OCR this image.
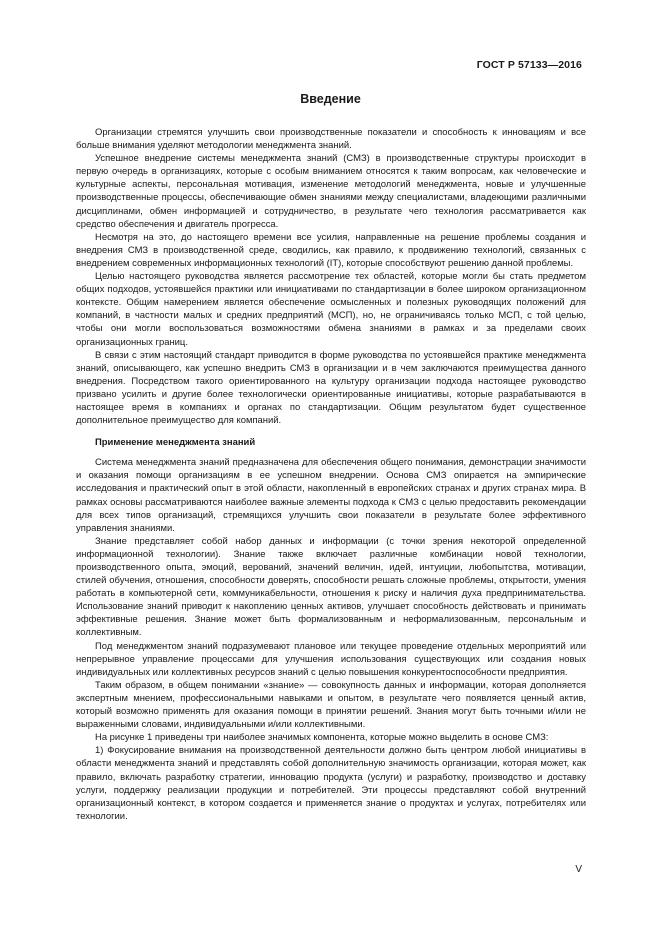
ГОСТ Р 57133—2016
Введение

Организации стремятся улучшить свои производственные показатели и способность к инновациям и все больше внимания уделяют методологии менеджмента знаний.

Успешное внедрение системы менеджмента знаний (СМЗ) в производственные структуры происходит в первую очередь в организациях, которые с особым вниманием относятся к таким вопросам, как человеческие и культурные аспекты, персональная мотивация, изменение методологий менеджмента, новые и улучшенные производственные процессы, обеспечивающие обмен знаниями между специалистами, владеющими различными дисциплинами, обмен информацией и сотрудничество, в результате чего технология рассматривается как средство обеспечения и двигатель прогресса.

Несмотря на это, до настоящего времени все усилия, направленные на решение проблемы создания и внедрения СМЗ в производственной среде, сводились, как правило, к продвижению технологий, связанных с внедрением современных информационных технологий (IT), которые способствуют решению данной проблемы.

Целью настоящего руководства является рассмотрение тех областей, которые могли бы стать предметом общих подходов, устоявшейся практики или инициативами по стандартизации в более широком организационном контексте. Общим намерением является обеспечение осмысленных и полезных руководящих положений для компаний, в частности малых и средних предприятий (МСП), но, не ограничиваясь только МСП, с той целью, чтобы они могли воспользоваться возможностями обмена знаниями в рамках и за пределами своих организационных границ.

В связи с этим настоящий стандарт приводится в форме руководства по устоявшейся практике менеджмента знаний, описывающего, как успешно внедрить СМЗ в организации и в чем заключаются преимущества данного внедрения. Посредством такого ориентированного на культуру организации подхода настоящее руководство призвано усилить и другие более технологически ориентированные инициативы, которые разрабатываются в настоящее время в компаниях и органах по стандартизации. Общим результатом будет существенное дополнительное преимущество для компаний.

Применение менеджмента знаний

Система менеджмента знаний предназначена для обеспечения общего понимания, демонстрации значимости и оказания помощи организациям в ее успешном внедрении. Основа СМЗ опирается на эмпирические исследования и практический опыт в этой области, накопленный в европейских странах и других странах мира. В рамках основы рассматриваются наиболее важные элементы подхода к СМЗ с целью предоставить рекомендации для всех типов организаций, стремящихся улучшить свои показатели в результате более эффективного управления знаниями.

Знание представляет собой набор данных и информации (с точки зрения некоторой определенной информационной технологии). Знание также включает различные комбинации новой технологии, производственного опыта, эмоций, верований, значений величин, идей, интуиции, любопытства, мотивации, стилей обучения, отношения, способности доверять, способности решать сложные проблемы, открытости, умения работать в компьютерной сети, коммуникабельности, отношения к риску и наличия духа предпринимательства. Использование знаний приводит к накоплению ценных активов, улучшает способность действовать и принимать эффективные решения. Знание может быть формализованным и неформализованным, персональным и коллективным.

Под менеджментом знаний подразумевают плановое или текущее проведение отдельных мероприятий или непрерывное управление процессами для улучшения использования существующих или создания новых индивидуальных или коллективных ресурсов знаний с целью повышения конкурентоспособности предприятия.

Таким образом, в общем понимании «знание» — совокупность данных и информации, которая дополняется экспертным мнением, профессиональными навыками и опытом, в результате чего появляется ценный актив, который возможно применять для оказания помощи в принятии решений. Знания могут быть точными и/или не выраженными словами, индивидуальными и/или коллективными.

На рисунке 1 приведены три наиболее значимых компонента, которые можно выделить в основе СМЗ:

1) Фокусирование внимания на производственной деятельности должно быть центром любой инициативы в области менеджмента знаний и представлять собой дополнительную значимость организации, которая может, как правило, включать разработку стратегии, инновацию продукта (услуги) и разработку, производство и доставку услуги, поддержку реализации продукции и потребителей. Эти процессы представляют собой внутренний организационный контекст, в котором создается и применяется знание о продуктах и услугах, потребителях или технологии.

V
